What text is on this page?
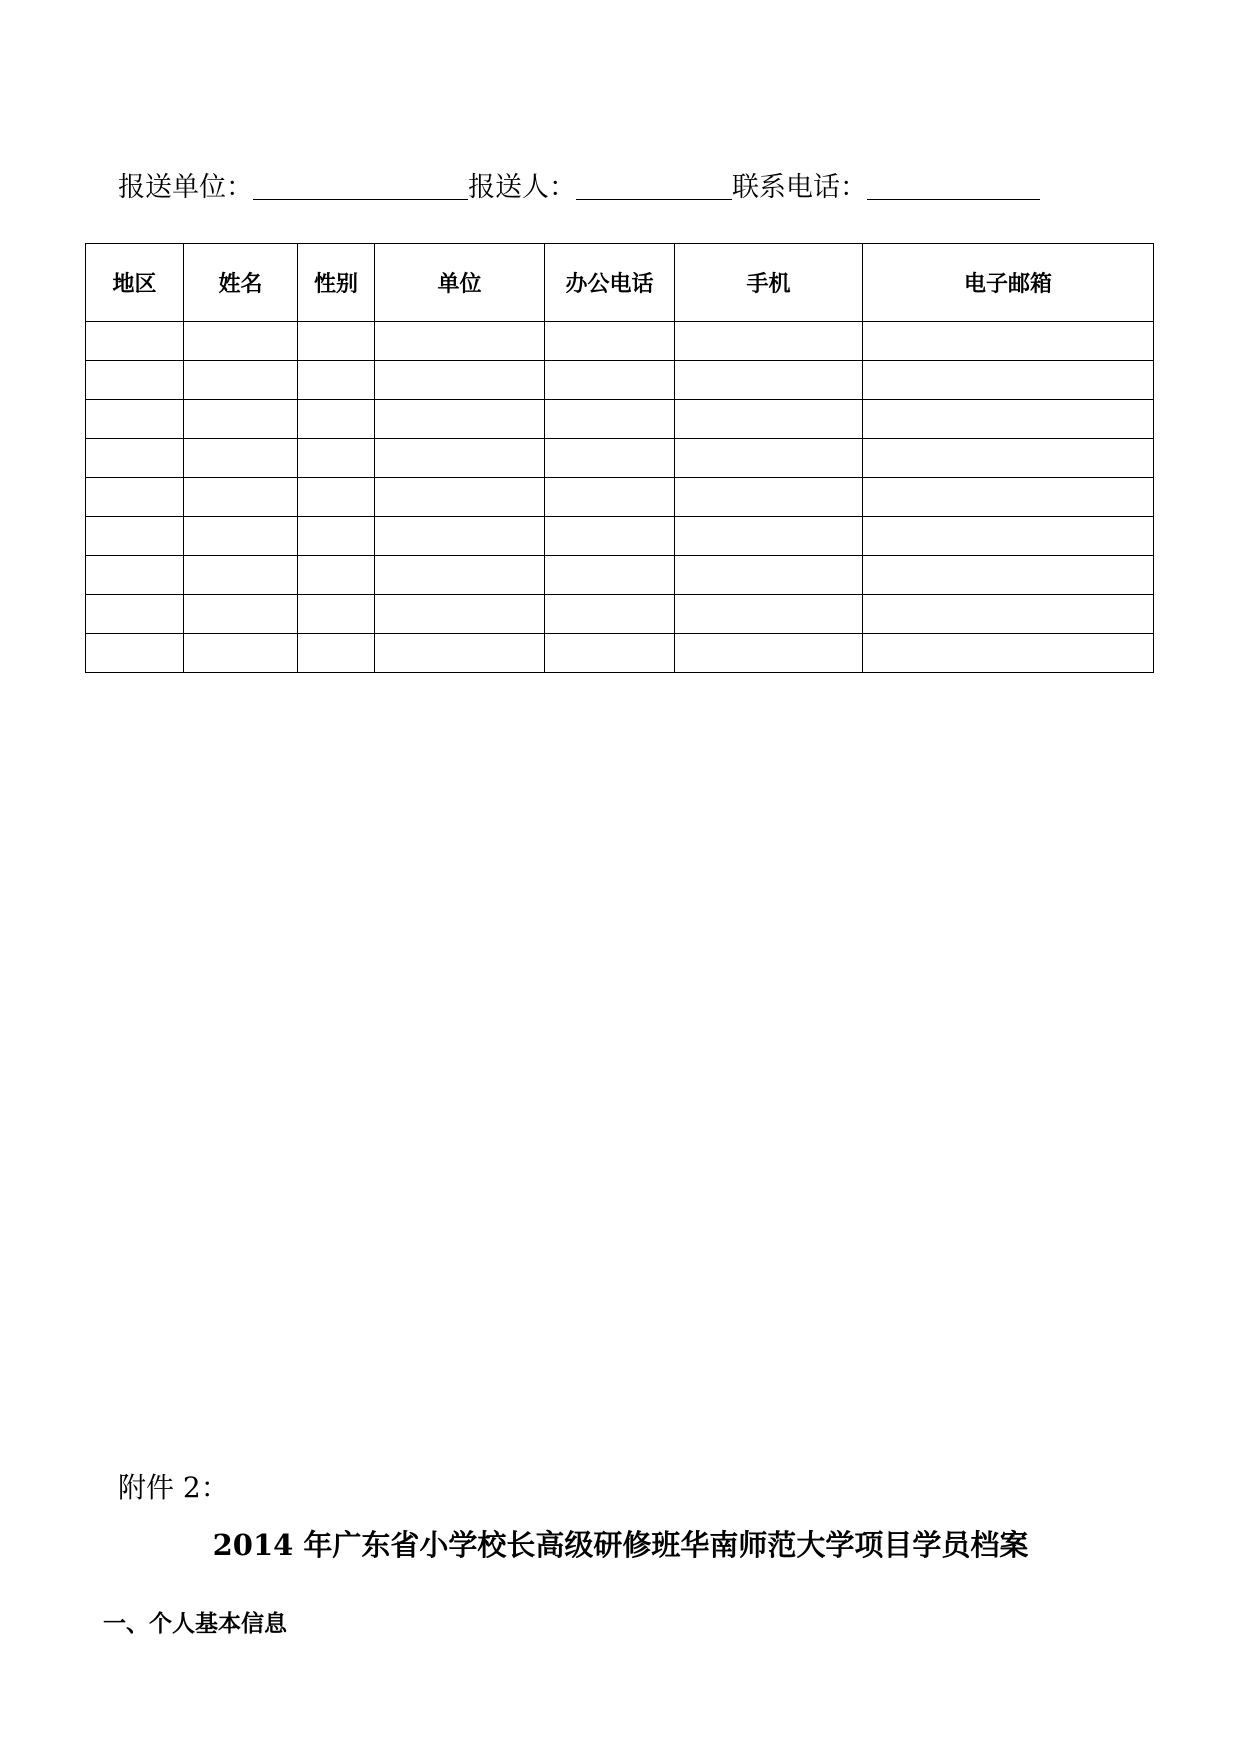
报送单位：	报送人：	联系电话：
地区	姓名	性别	单位	办公电话	手机	电子邮箱

附件 2：
2014 年广东省小学校长高级研修班华南师范大学项目学员档案
一、个人基本信息
